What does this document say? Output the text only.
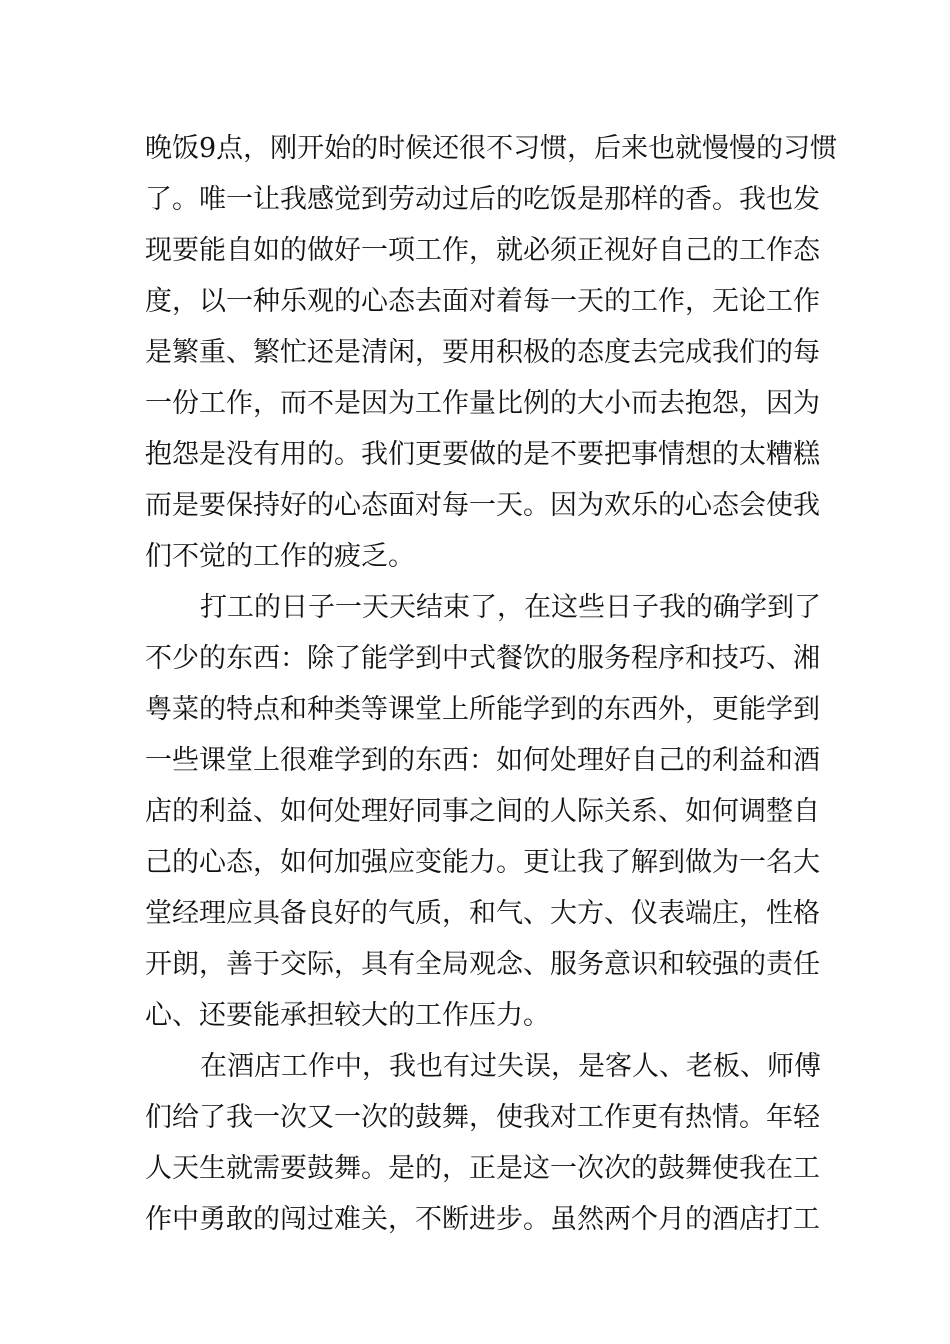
晚饭9点，刚开始的时候还很不习惯，后来也就慢慢的习惯
了。唯一让我感觉到劳动过后的吃饭是那样的香。我也发
现要能自如的做好一项工作，就必须正视好自己的工作态
度，以一种乐观的心态去面对着每一天的工作，无论工作
是繁重、繁忙还是清闲，要用积极的态度去完成我们的每
一份工作，而不是因为工作量比例的大小而去抱怨，因为
抱怨是没有用的。我们更要做的是不要把事情想的太糟糕
而是要保持好的心态面对每一天。因为欢乐的心态会使我
们不觉的工作的疲乏。
打工的日子一天天结束了，在这些日子我的确学到了
不少的东西：除了能学到中式餐饮的服务程序和技巧、湘
粤菜的特点和种类等课堂上所能学到的东西外，更能学到
一些课堂上很难学到的东西：如何处理好自己的利益和酒
店的利益、如何处理好同事之间的人际关系、如何调整自
己的心态，如何加强应变能力。更让我了解到做为一名大
堂经理应具备良好的气质，和气、大方、仪表端庄，性格
开朗，善于交际，具有全局观念、服务意识和较强的责任
心、还要能承担较大的工作压力。
在酒店工作中，我也有过失误，是客人、老板、师傅
们给了我一次又一次的鼓舞，使我对工作更有热情。年轻
人天生就需要鼓舞。是的，正是这一次次的鼓舞使我在工
作中勇敢的闯过难关，不断进步。虽然两个月的酒店打工
